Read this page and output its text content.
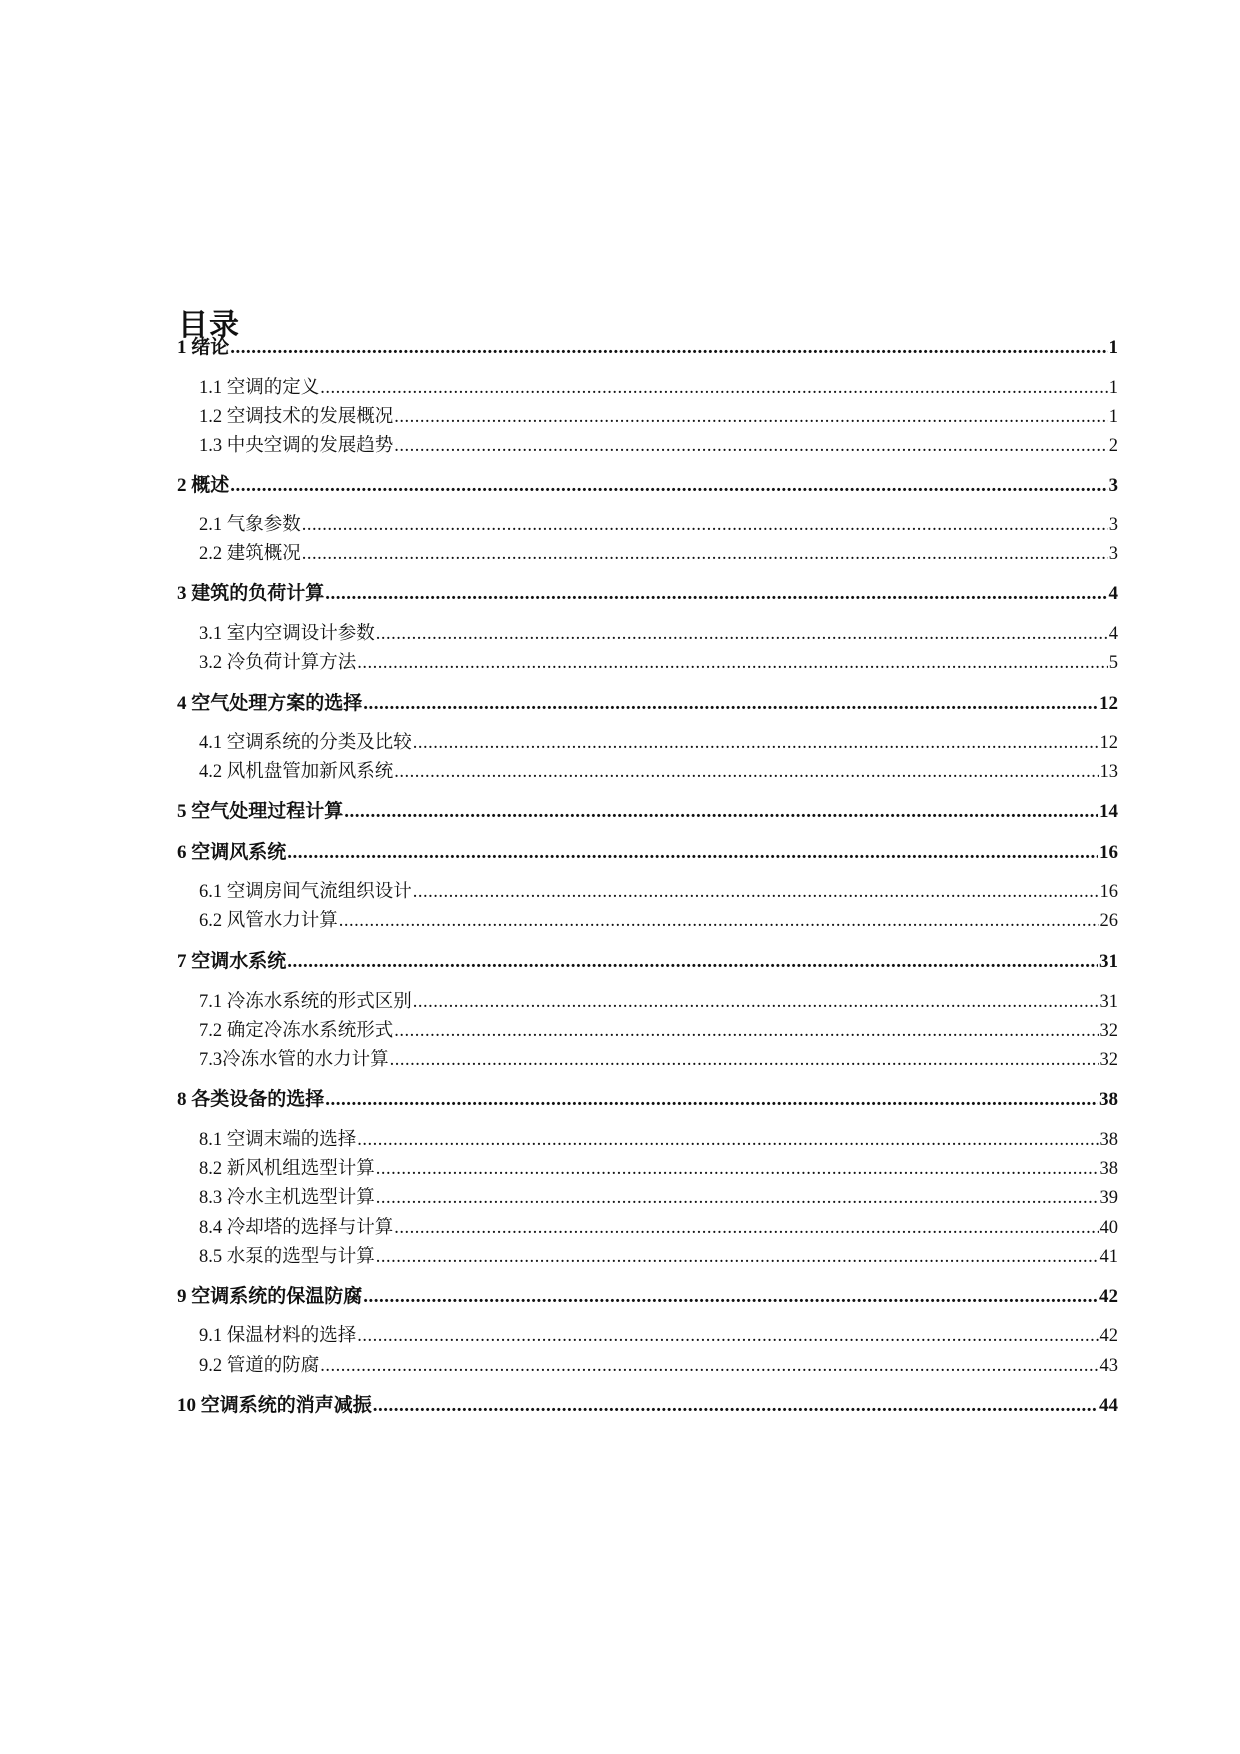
目录
1 绪论 .....	1
1.1 空调的定义 .....	1
1.2 空调技术的发展概况 .....	1
1.3 中央空调的发展趋势 .....	2
2 概述 .....	3
2.1 气象参数 .....	3
2.2 建筑概况 .....	3
3 建筑的负荷计算 .....	4
3.1 室内空调设计参数 .....	4
3.2 冷负荷计算方法 .....	5
4 空气处理方案的选择 .....	12
4.1 空调系统的分类及比较 .....	12
4.2 风机盘管加新风系统 .....	13
5 空气处理过程计算 .....	14
6 空调风系统 .....	16
6.1 空调房间气流组织设计 .....	16
6.2 风管水力计算 .....	26
7 空调水系统 .....	31
7.1 冷冻水系统的形式区别 .....	31
7.2 确定冷冻水系统形式 .....	32
7.3冷冻水管的水力计算 .....	32
8 各类设备的选择 .....	38
8.1 空调末端的选择 .....	38
8.2 新风机组选型计算 .....	38
8.3 冷水主机选型计算 .....	39
8.4 冷却塔的选择与计算 .....	40
8.5 水泵的选型与计算 .....	41
9 空调系统的保温防腐 .....	42
9.1 保温材料的选择 .....	42
9.2 管道的防腐 .....	43
10 空调系统的消声减振 .....	44
